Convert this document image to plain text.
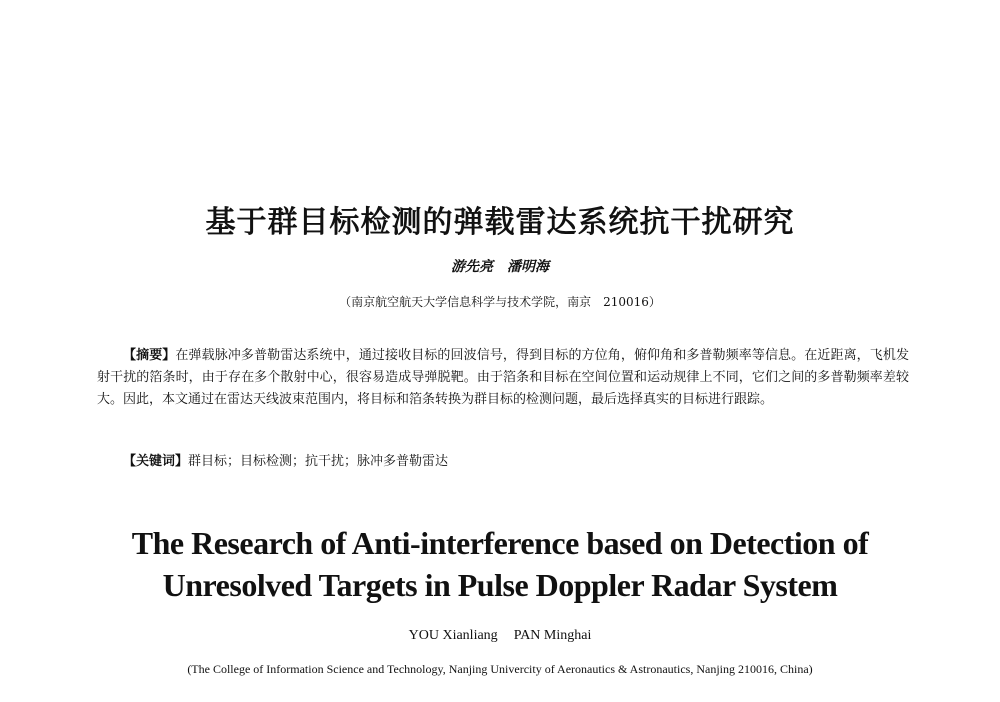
基于群目标检测的弹载雷达系统抗干扰研究
游先亮　潘明海
（南京航空航天大学信息科学与技术学院，南京　210016）

【摘要】在弹载脉冲多普勒雷达系统中，通过接收目标的回波信号，得到目标的方位角，俯仰角和多普勒频率等信息。在近距离，飞机发射干扰的箔条时，由于存在多个散射中心，很容易造成导弹脱靶。由于箔条和目标在空间位置和运动规律上不同，它们之间的多普勒频率差较大。因此，本文通过在雷达天线波束范围内，将目标和箔条转换为群目标的检测问题，最后选择真实的目标进行跟踪。

【关键词】群目标；目标检测；抗干扰；脉冲多普勒雷达
The Research of Anti-interference based on Detection of
Unresolved Targets in Pulse Doppler Radar System
YOU Xianliang PAN Minghai
(The College of Information Science and Technology, Nanjing Univercity of Aeronautics & Astronautics, Nanjing 210016, China)
